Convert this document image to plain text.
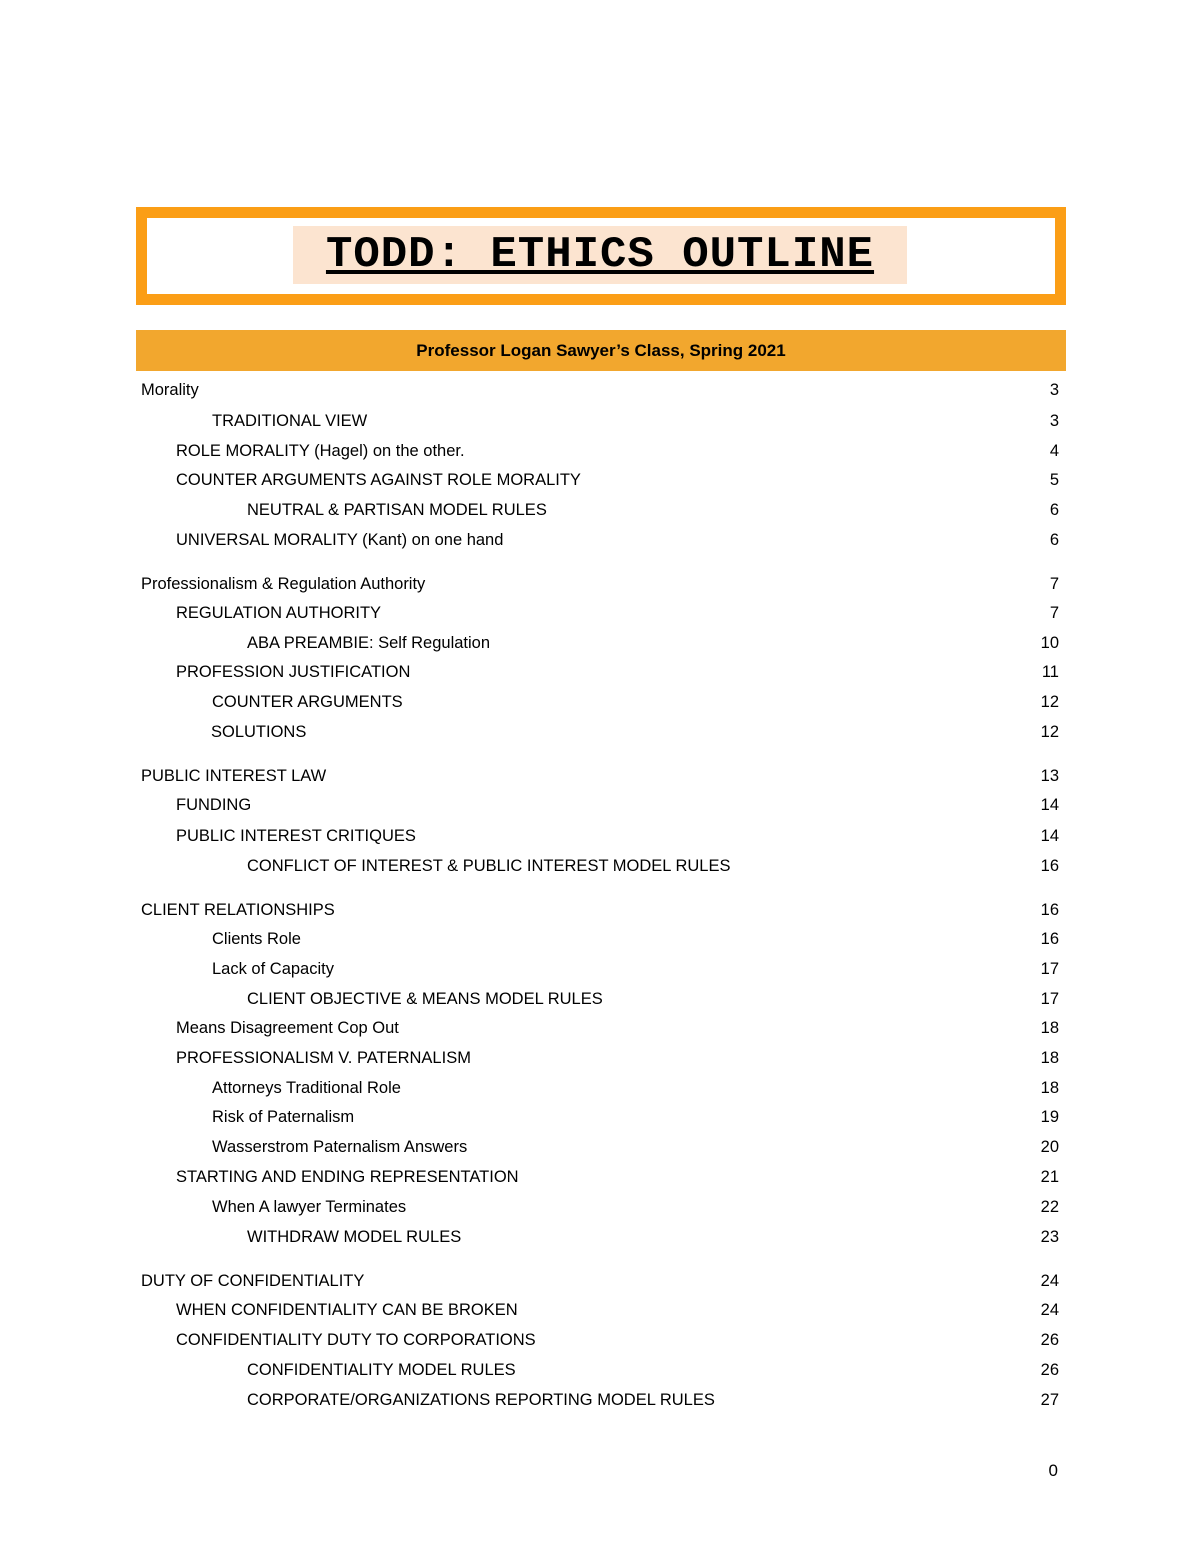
TODD: ETHICS OUTLINE
Professor Logan Sawyer’s Class, Spring 2021
Morality	3
TRADITIONAL VIEW	3
ROLE MORALITY (Hagel) on the other.	4
COUNTER ARGUMENTS AGAINST ROLE MORALITY	5
NEUTRAL & PARTISAN MODEL RULES	6
UNIVERSAL MORALITY (Kant) on one hand	6
Professionalism & Regulation Authority	7
REGULATION AUTHORITY	7
ABA PREAMBIE: Self Regulation	10
PROFESSION JUSTIFICATION	11
COUNTER ARGUMENTS	12
SOLUTIONS	12
PUBLIC INTEREST LAW	13
FUNDING	14
PUBLIC INTEREST CRITIQUES	14
CONFLICT OF INTEREST & PUBLIC INTEREST MODEL RULES	16
CLIENT RELATIONSHIPS	16
Clients Role	16
Lack of Capacity	17
CLIENT OBJECTIVE & MEANS MODEL RULES	17
Means Disagreement Cop Out	18
PROFESSIONALISM V. PATERNALISM	18
Attorneys Traditional Role	18
Risk of Paternalism	19
Wasserstrom Paternalism Answers	20
STARTING AND ENDING REPRESENTATION	21
When A lawyer Terminates	22
WITHDRAW MODEL RULES	23
DUTY OF CONFIDENTIALITY	24
WHEN CONFIDENTIALITY CAN BE BROKEN	24
CONFIDENTIALITY DUTY TO CORPORATIONS	26
CONFIDENTIALITY MODEL RULES	26
CORPORATE/ORGANIZATIONS REPORTING MODEL RULES	27
0
